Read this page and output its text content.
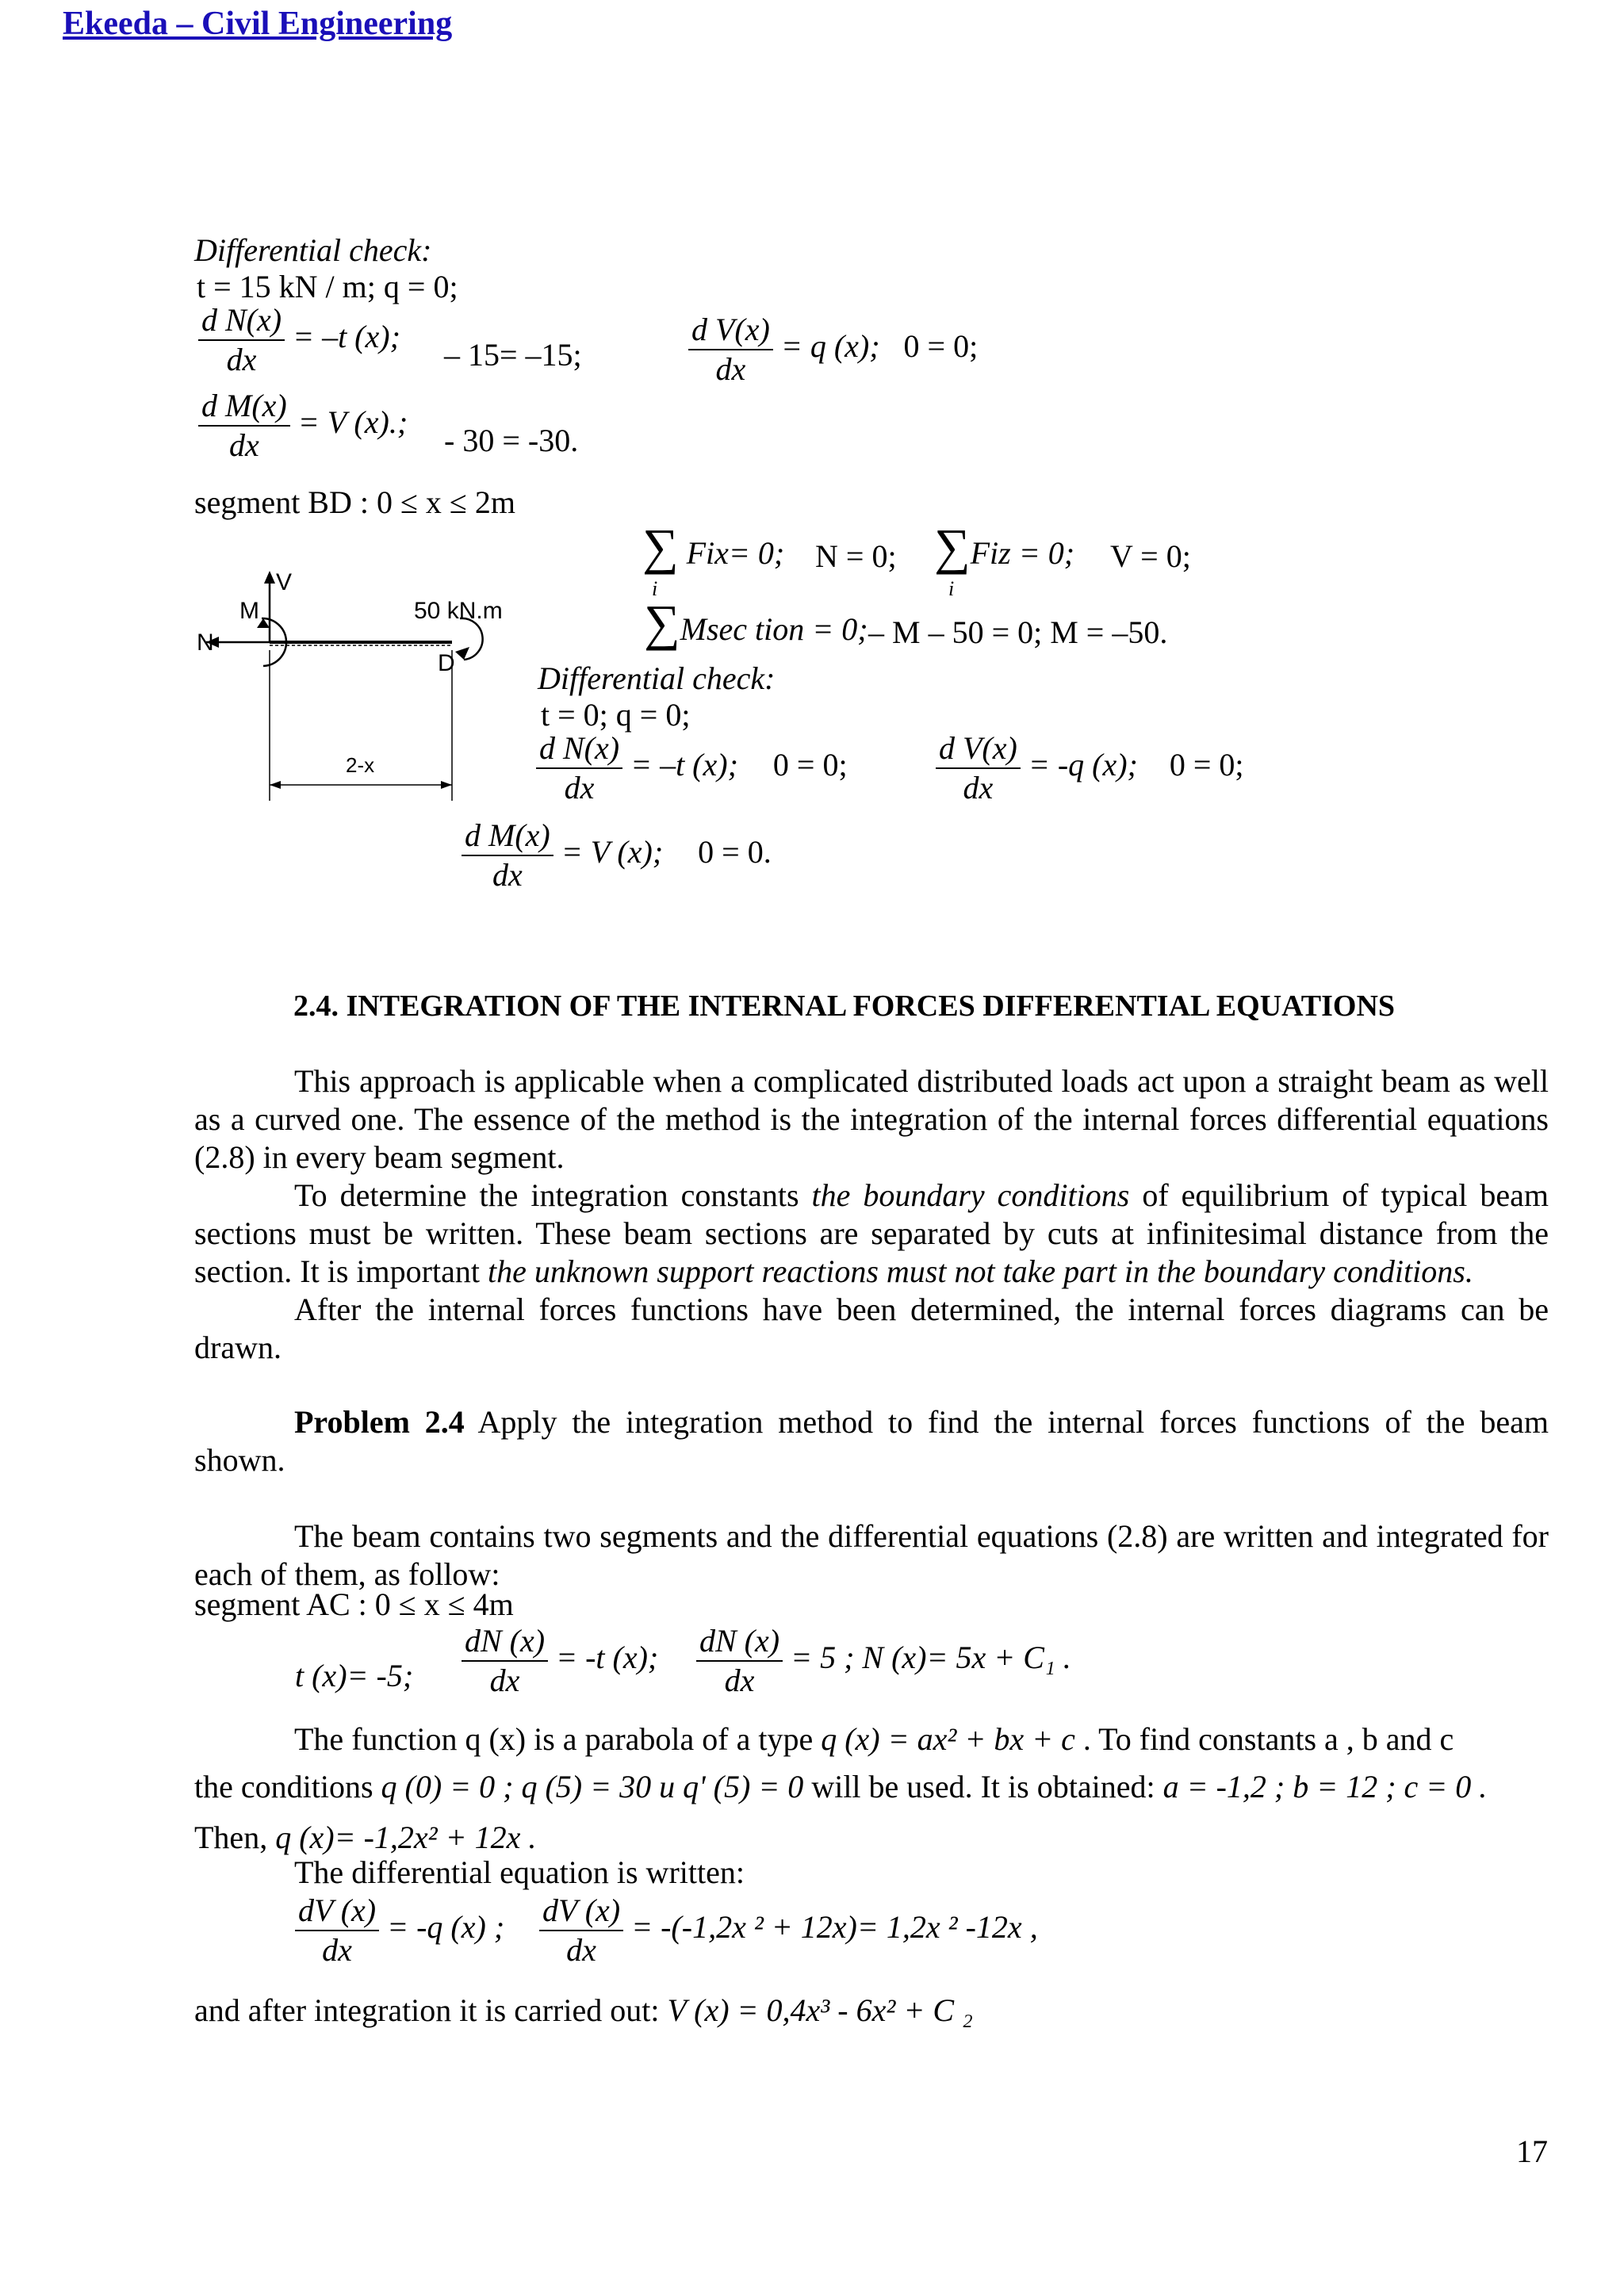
Ekeeda – Civil Engineering
Differential check:
t = 15 kN / m; q = 0;
$\frac{\text{d N(x)}}{dx} = -t$ (x);
– 15= –15;	$\frac{\text{d V(x)}}{dx} = q$ (x); 0 = 0;
$\frac{\text{d M(x)}}{dx} = V$ (x).;
- 30 = -30.
segment BD : 0 ≤ x ≤ 2m
V
M
N
50 kN.m
D
2-x
∑ Fix= 0; N = 0; ∑Fiz = 0; V = 0;
i	i
∑Msec tion = 0; – M – 50 = 0; M = –50.
Differential check:
t = 0; q = 0;
$\frac{\text{d N(x)}}{dx} = -t$ (x); 0 = 0;	$\frac{\text{d V(x)}}{dx} = -q$ (x); 0 = 0;
$\frac{\text{d M(x)}}{dx} = V$ (x); 0 = 0.
2.4. INTEGRATION OF THE INTERNAL FORCES DIFFERENTIAL EQUATIONS
This approach is applicable when a complicated distributed loads act upon a straight beam as well as a curved one. The essence of the method is the integration of the internal forces differential equations (2.8) in every beam segment.
To determine the integration constants the boundary conditions of equilibrium of typical beam sections must be written. These beam sections are separated by cuts at infinitesimal distance from the section. It is important the unknown support reactions must not take part in the boundary conditions.
After the internal forces functions have been determined, the internal forces diagrams can be drawn.
Problem 2.4 Apply the integration method to find the internal forces functions of the beam shown.
The beam contains two segments and the differential equations (2.8) are written and integrated for each of them, as follow:
segment AC : 0 ≤ x ≤ 4m
t (x)= -5; $\frac{dN (x)}{dx} = -t$ (x); $\frac{dN (x)}{dx} = 5$ ; N (x)= 5x + C₁ .
The function q (x) is a parabola of a type q (x) = ax² + bx + c . To find constants a , b and c
the conditions q (0) = 0 ; q (5) = 30 и q' (5) = 0 will be used. It is obtained: a = -1,2 ; b = 12 ; c = 0 .
Then, q (x)= -1,2x² + 12x .
The differential equation is written:
$\frac{dV (x)}{dx} = -q$ (x) ; $\frac{dV (x)}{dx} = -(-1,2x$ ² + 12x)= 1,2x ² -12x ,
and after integration it is carried out: V (x) = 0,4x³ - 6x² + C ₂
17
